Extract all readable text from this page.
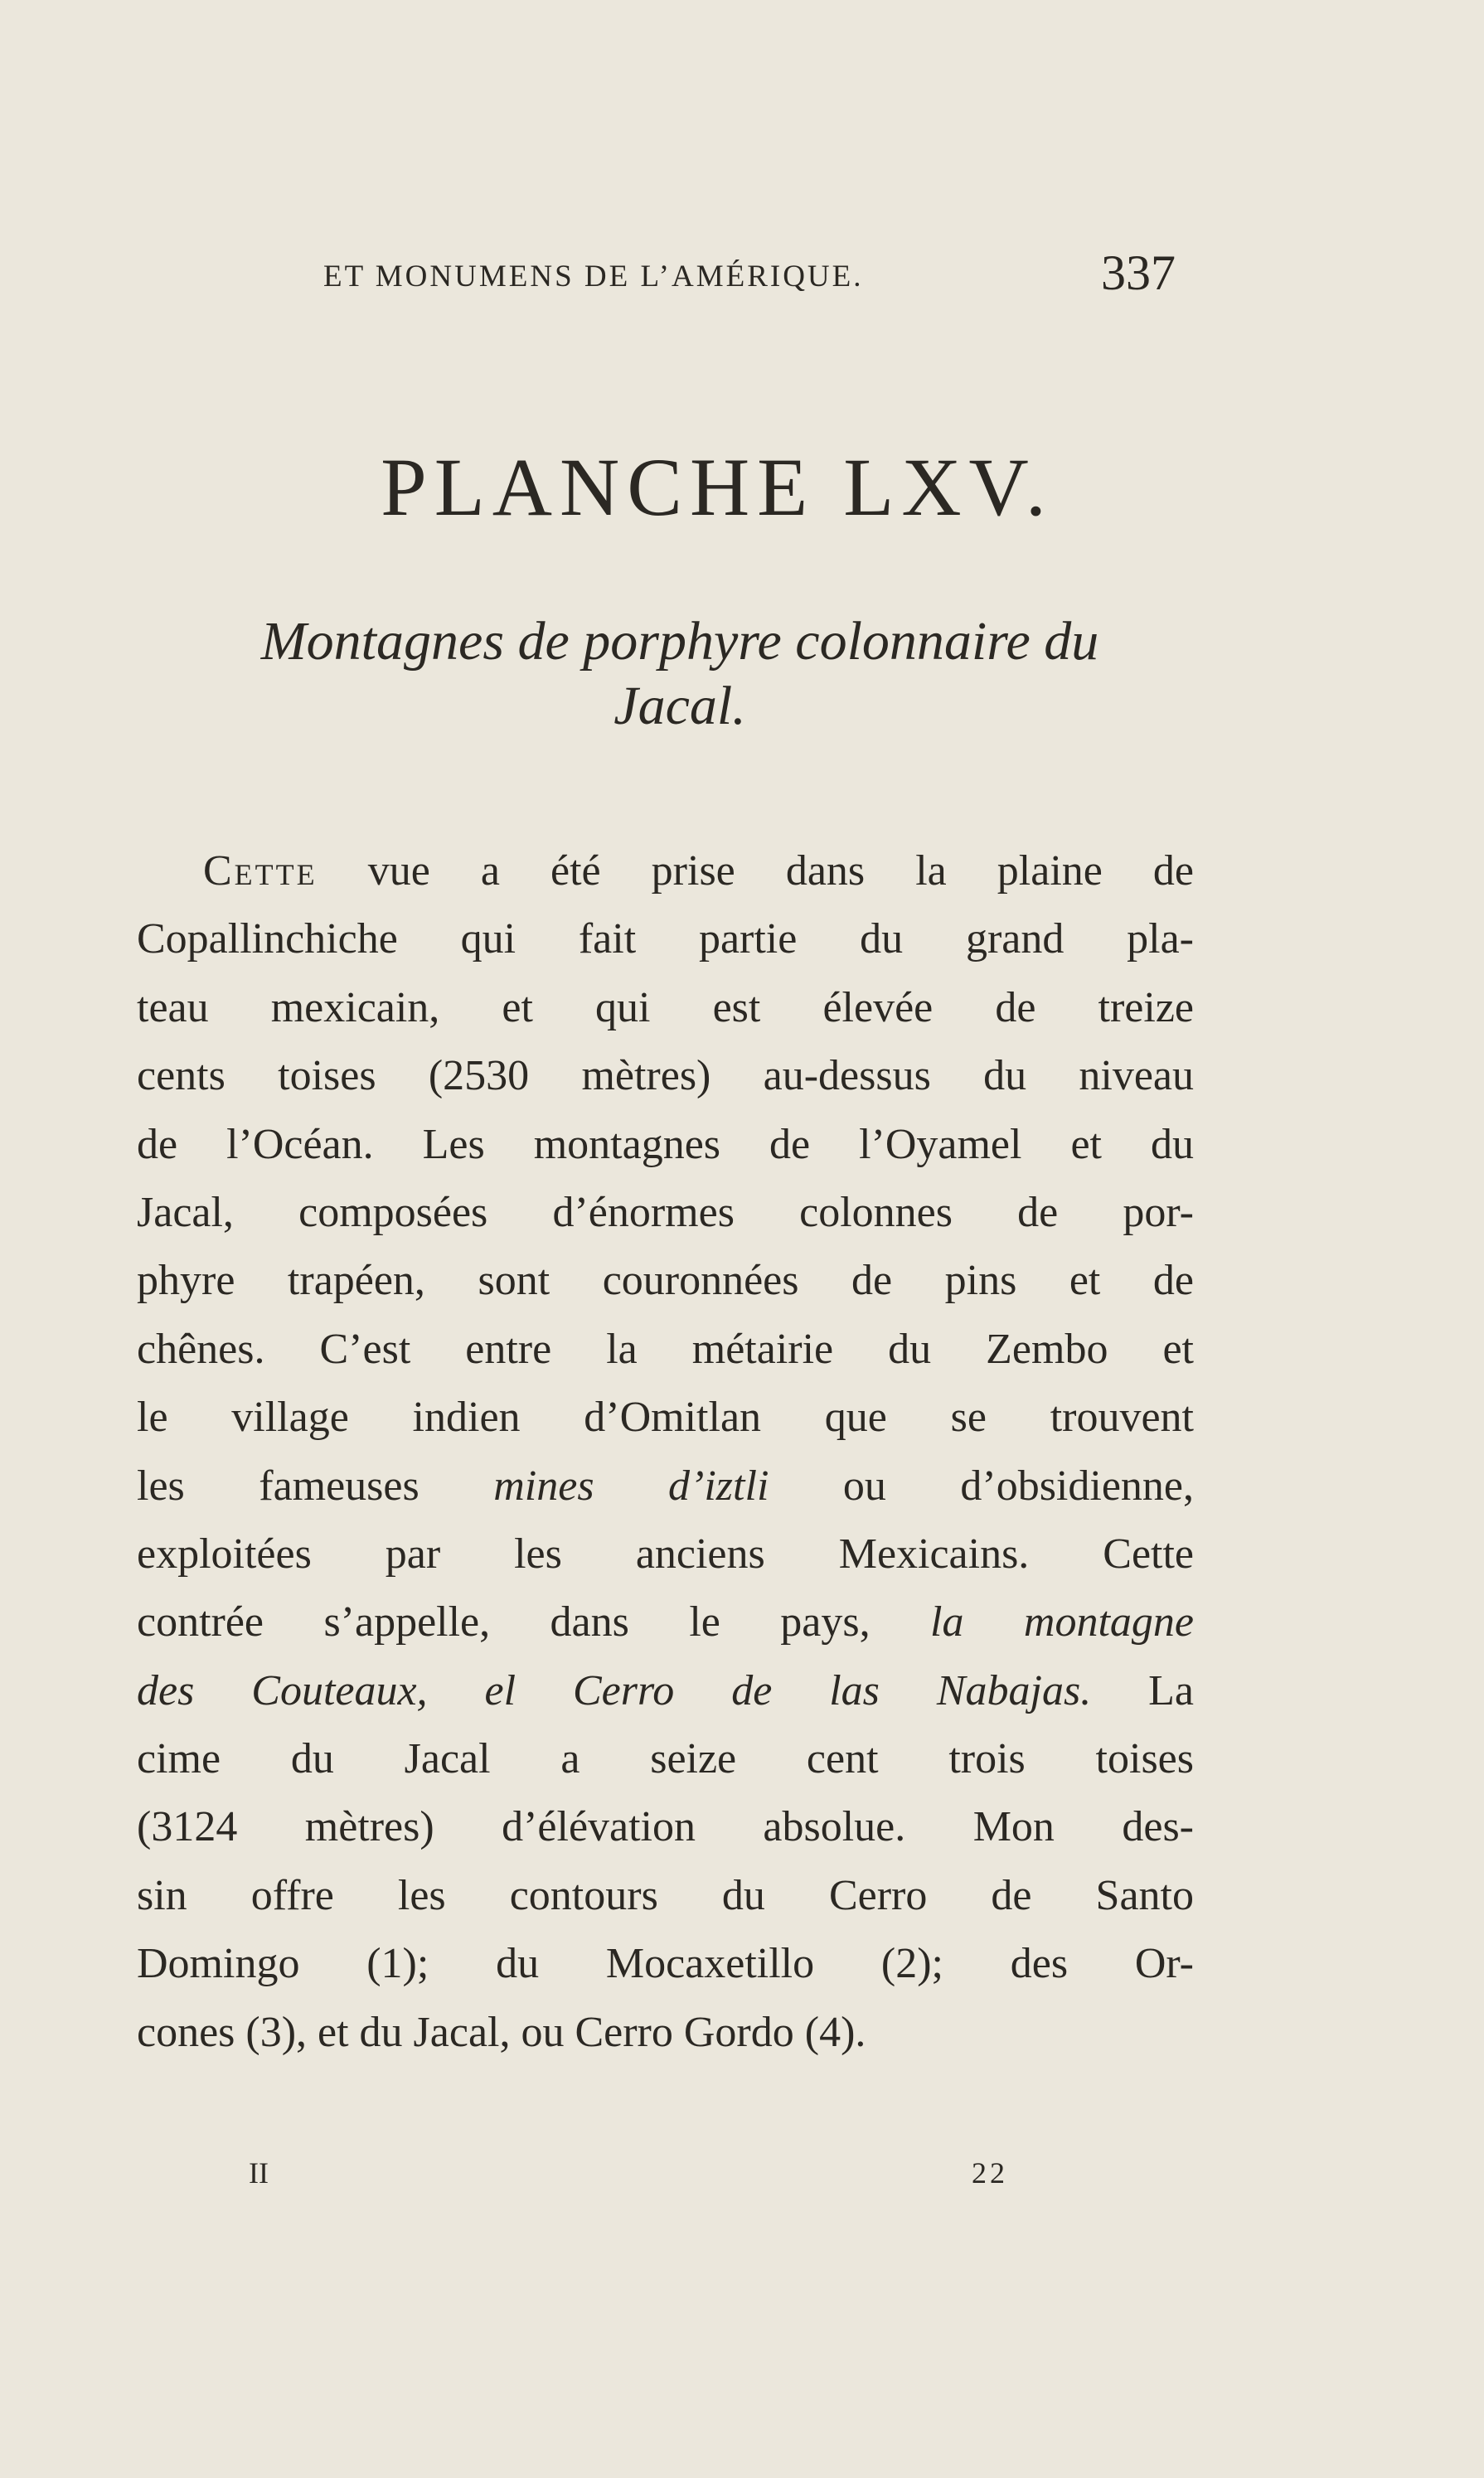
ET MONUMENS DE L’AMÉRIQUE.	337
PLANCHE LXV.
Montagnes de porphyre colonnaire du
Jacal.
Cette vue a été prise dans la plaine de
Copallinchiche qui fait partie du grand pla-
teau mexicain, et qui est élevée de treize
cents toises (2530 mètres) au-dessus du niveau
de l’Océan. Les montagnes de l’Oyamel et du
Jacal, composées d’énormes colonnes de por-
phyre trapéen, sont couronnées de pins et de
chênes. C’est entre la métairie du Zembo et
le village indien d’Omitlan que se trouvent
les fameuses mines d’iztli ou d’obsidienne,
exploitées par les anciens Mexicains. Cette
contrée s’appelle, dans le pays, la montagne
des Couteaux, el Cerro de las Nabajas. La
cime du Jacal a seize cent trois toises
(3124 mètres) d’élévation absolue. Mon des-
sin offre les contours du Cerro de Santo
Domingo (1); du Mocaxetillo (2); des Or-
cones (3), et du Jacal, ou Cerro Gordo (4).
II	22
